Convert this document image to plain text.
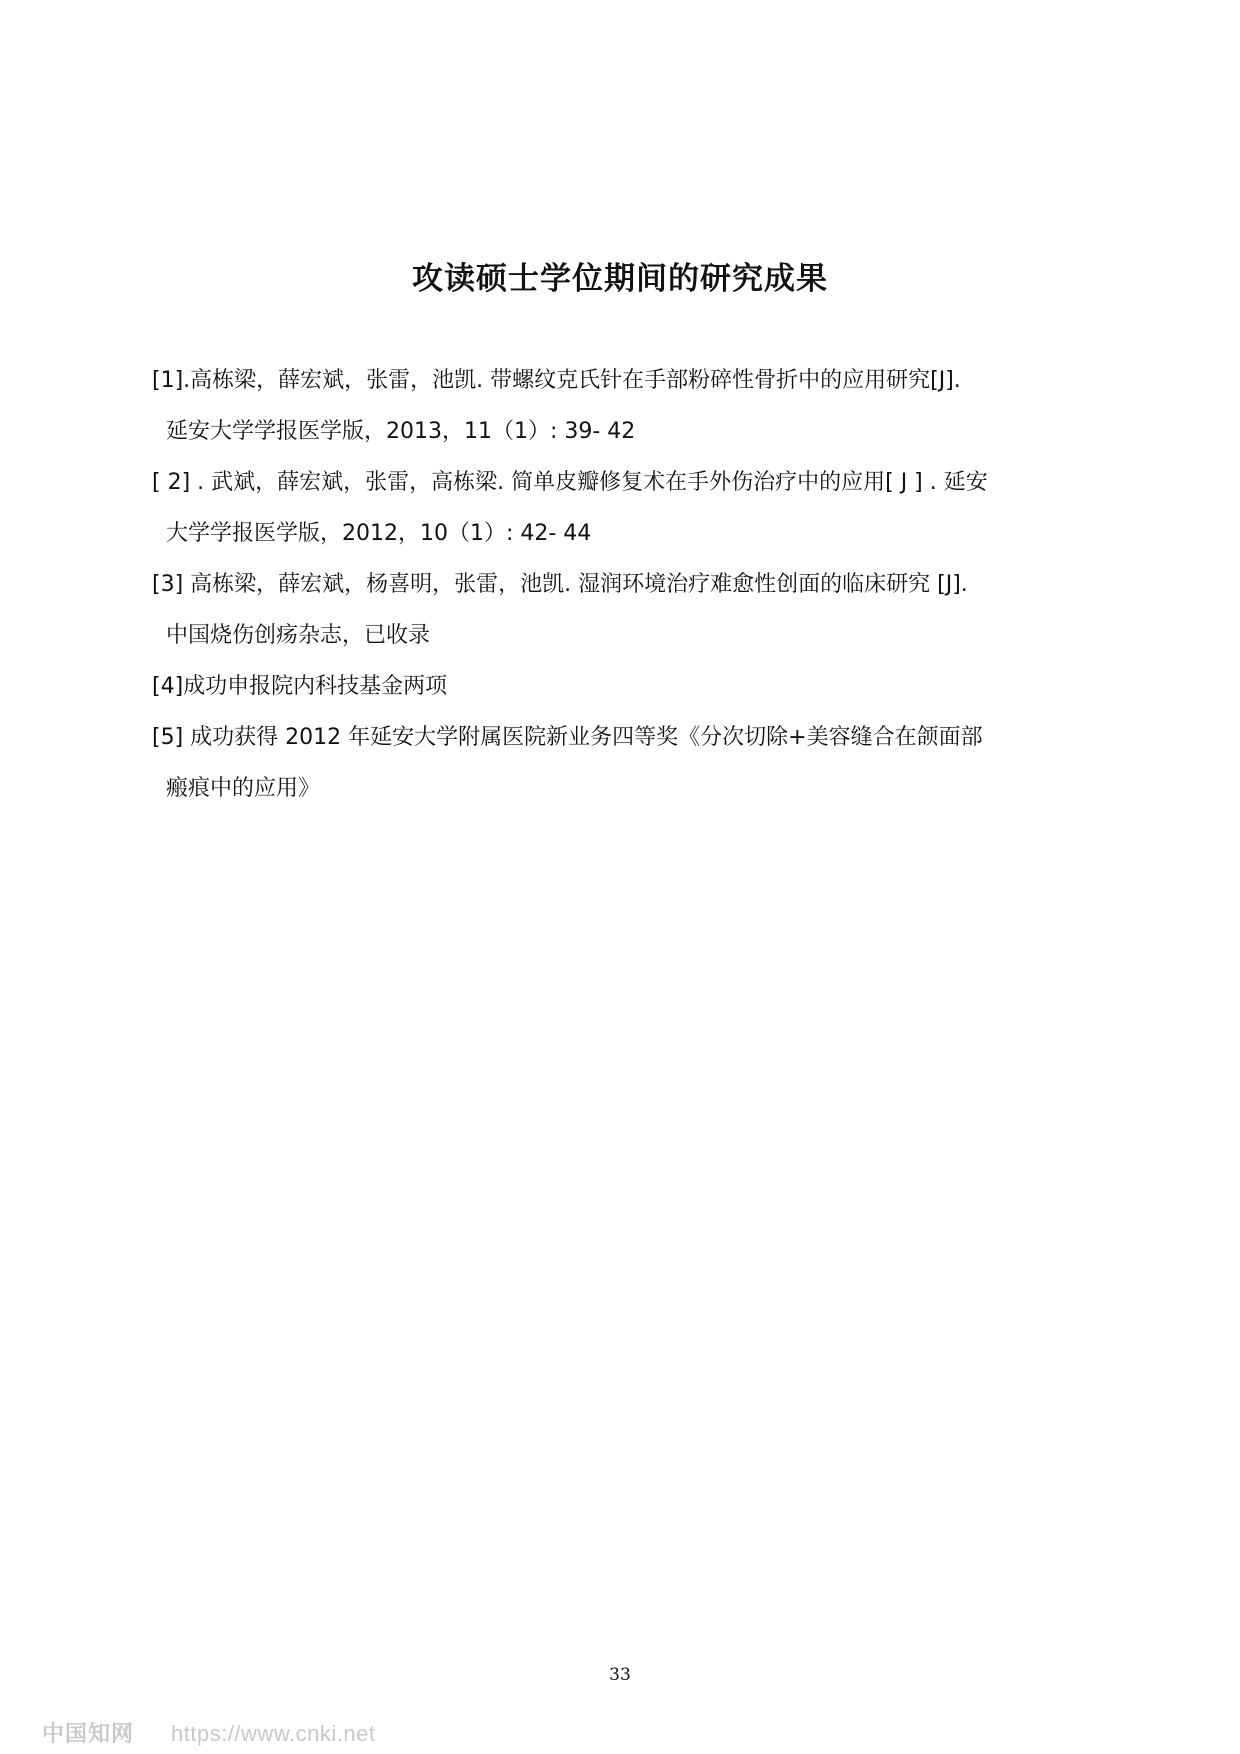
攻读硕士学位期间的研究成果

[1].高栋梁，薛宏斌，张雷，池凯. 带螺纹克氏针在手部粉碎性骨折中的应用研究[J].
延安大学学报医学版，2013，11（1）: 39- 42

[ 2] . 武斌，薛宏斌，张雷，高栋梁. 简单皮瓣修复术在手外伤治疗中的应用[ J ] . 延安
大学学报医学版，2012，10（1）: 42- 44

[3] 高栋梁，薛宏斌，杨喜明，张雷，池凯. 湿润环境治疗难愈性创面的临床研究 [J].
中国烧伤创疡杂志，已收录

[4]成功申报院内科技基金两项

[5] 成功获得 2012 年延安大学附属医院新业务四等奖《分次切除+美容缝合在颌面部
瘢痕中的应用》

33
中国知网 https://www.cnki.net
